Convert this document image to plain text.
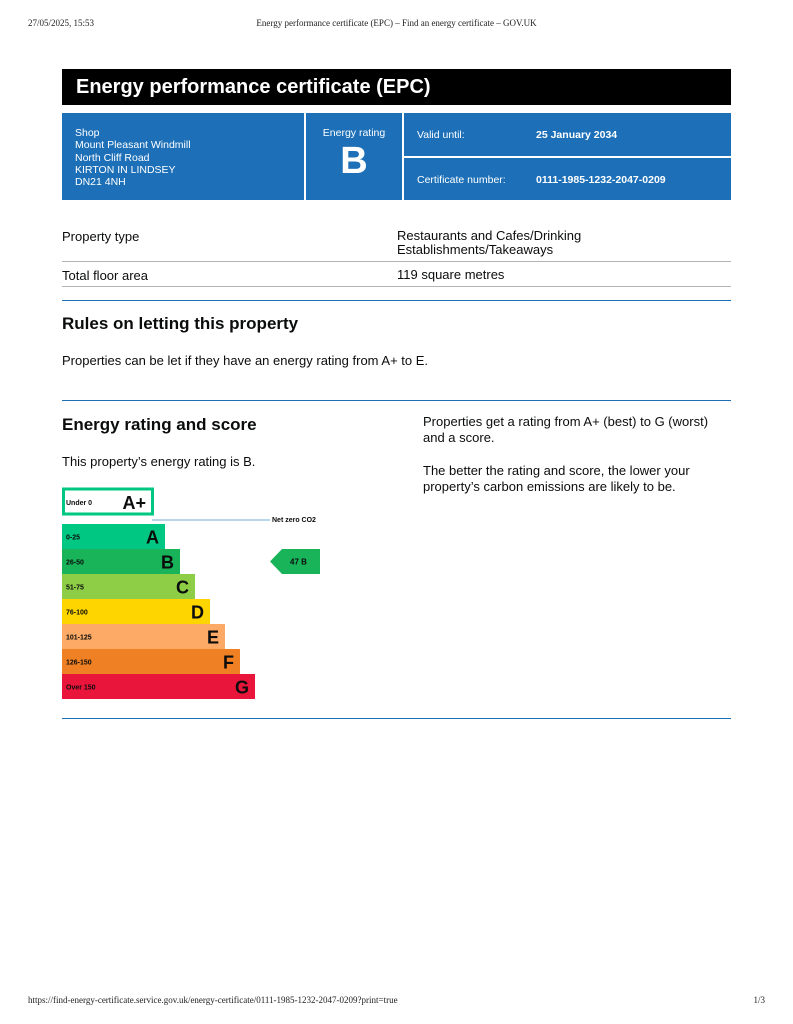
27/05/2025, 15:53	Energy performance certificate (EPC) – Find an energy certificate – GOV.UK
Energy performance certificate (EPC)
Shop
Mount Pleasant Windmill
North Cliff Road
KIRTON IN LINDSEY
DN21 4NH
Energy rating
B
Valid until:	25 January 2034
Certificate number:	0111-1985-1232-2047-0209
Property type	Restaurants and Cafes/Drinking Establishments/Takeaways
Total floor area	119 square metres
Rules on letting this property

Properties can be let if they have an energy rating from A+ to E.

Energy rating and score

This property’s energy rating is B.

Properties get a rating from A+ (best) to G (worst) and a score.

The better the rating and score, the lower your property’s carbon emissions are likely to be.

Under 0 A+
0-25	A
26-50	B
51-75	C
76-100	D
101-125	E
126-150	F
Over 150	G
Net zero CO2
47 B
https://find-energy-certificate.service.gov.uk/energy-certificate/0111-1985-1232-2047-0209?print=true	1/3
